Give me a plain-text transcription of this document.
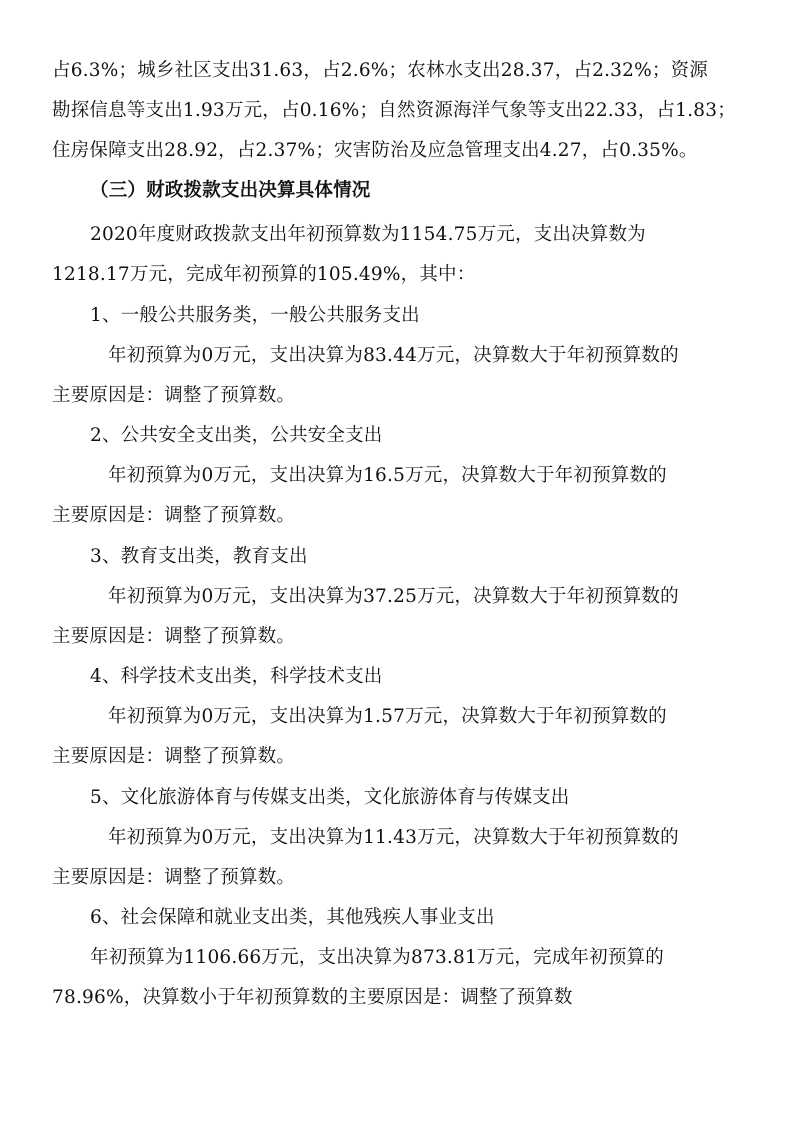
占6.3%；城乡社区支出31.63，占2.6%；农林水支出28.37，占2.32%；资源
勘探信息等支出1.93万元，占0.16%；自然资源海洋气象等支出22.33，占1.83；
住房保障支出28.92，占2.37%；灾害防治及应急管理支出4.27，占0.35%。
（三）财政拨款支出决算具体情况
2020年度财政拨款支出年初预算数为1154.75万元，支出决算数为
1218.17万元，完成年初预算的105.49%，其中：
1、一般公共服务类，一般公共服务支出
年初预算为0万元，支出决算为83.44万元，决算数大于年初预算数的
主要原因是：调整了预算数。
2、公共安全支出类，公共安全支出
年初预算为0万元，支出决算为16.5万元，决算数大于年初预算数的
主要原因是：调整了预算数。
3、教育支出类，教育支出
年初预算为0万元，支出决算为37.25万元，决算数大于年初预算数的
主要原因是：调整了预算数。
4、科学技术支出类，科学技术支出
年初预算为0万元，支出决算为1.57万元，决算数大于年初预算数的
主要原因是：调整了预算数。
5、文化旅游体育与传媒支出类，文化旅游体育与传媒支出
年初预算为0万元，支出决算为11.43万元，决算数大于年初预算数的
主要原因是：调整了预算数。
6、社会保障和就业支出类，其他残疾人事业支出
年初预算为1106.66万元，支出决算为873.81万元，完成年初预算的
78.96%，决算数小于年初预算数的主要原因是：调整了预算数
